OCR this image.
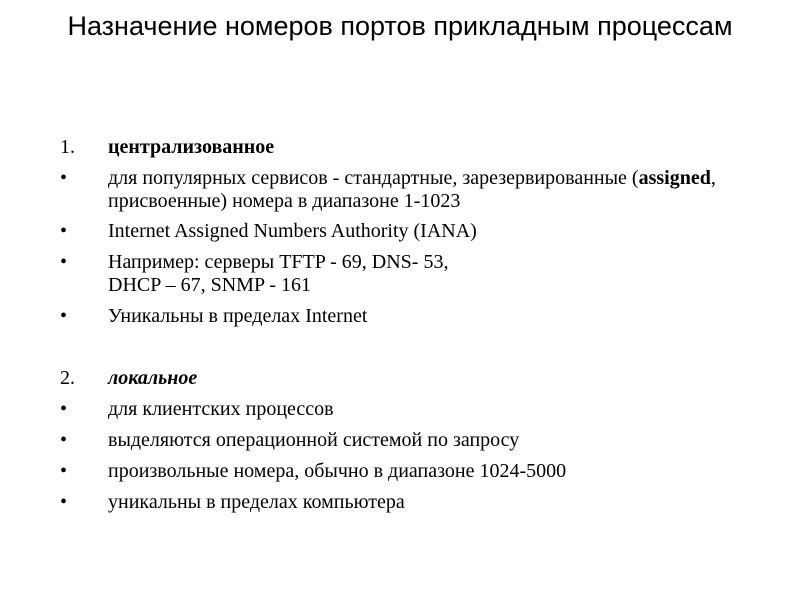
Назначение номеров портов прикладным процессам
1. централизованное
• для популярных сервисов - стандартные, зарезервированные (assigned, присвоенные) номера в диапазоне 1-1023
• Internet Assigned Numbers Authority (IANA)
• Например: серверы TFTP - 69, DNS- 53,
DHCP – 67, SNMP - 161
• Уникальны в пределах Internet
2. локальное
• для клиентских процессов
• выделяются операционной системой по запросу
• произвольные номера, обычно в диапазоне 1024-5000
• уникальны в пределах компьютера
